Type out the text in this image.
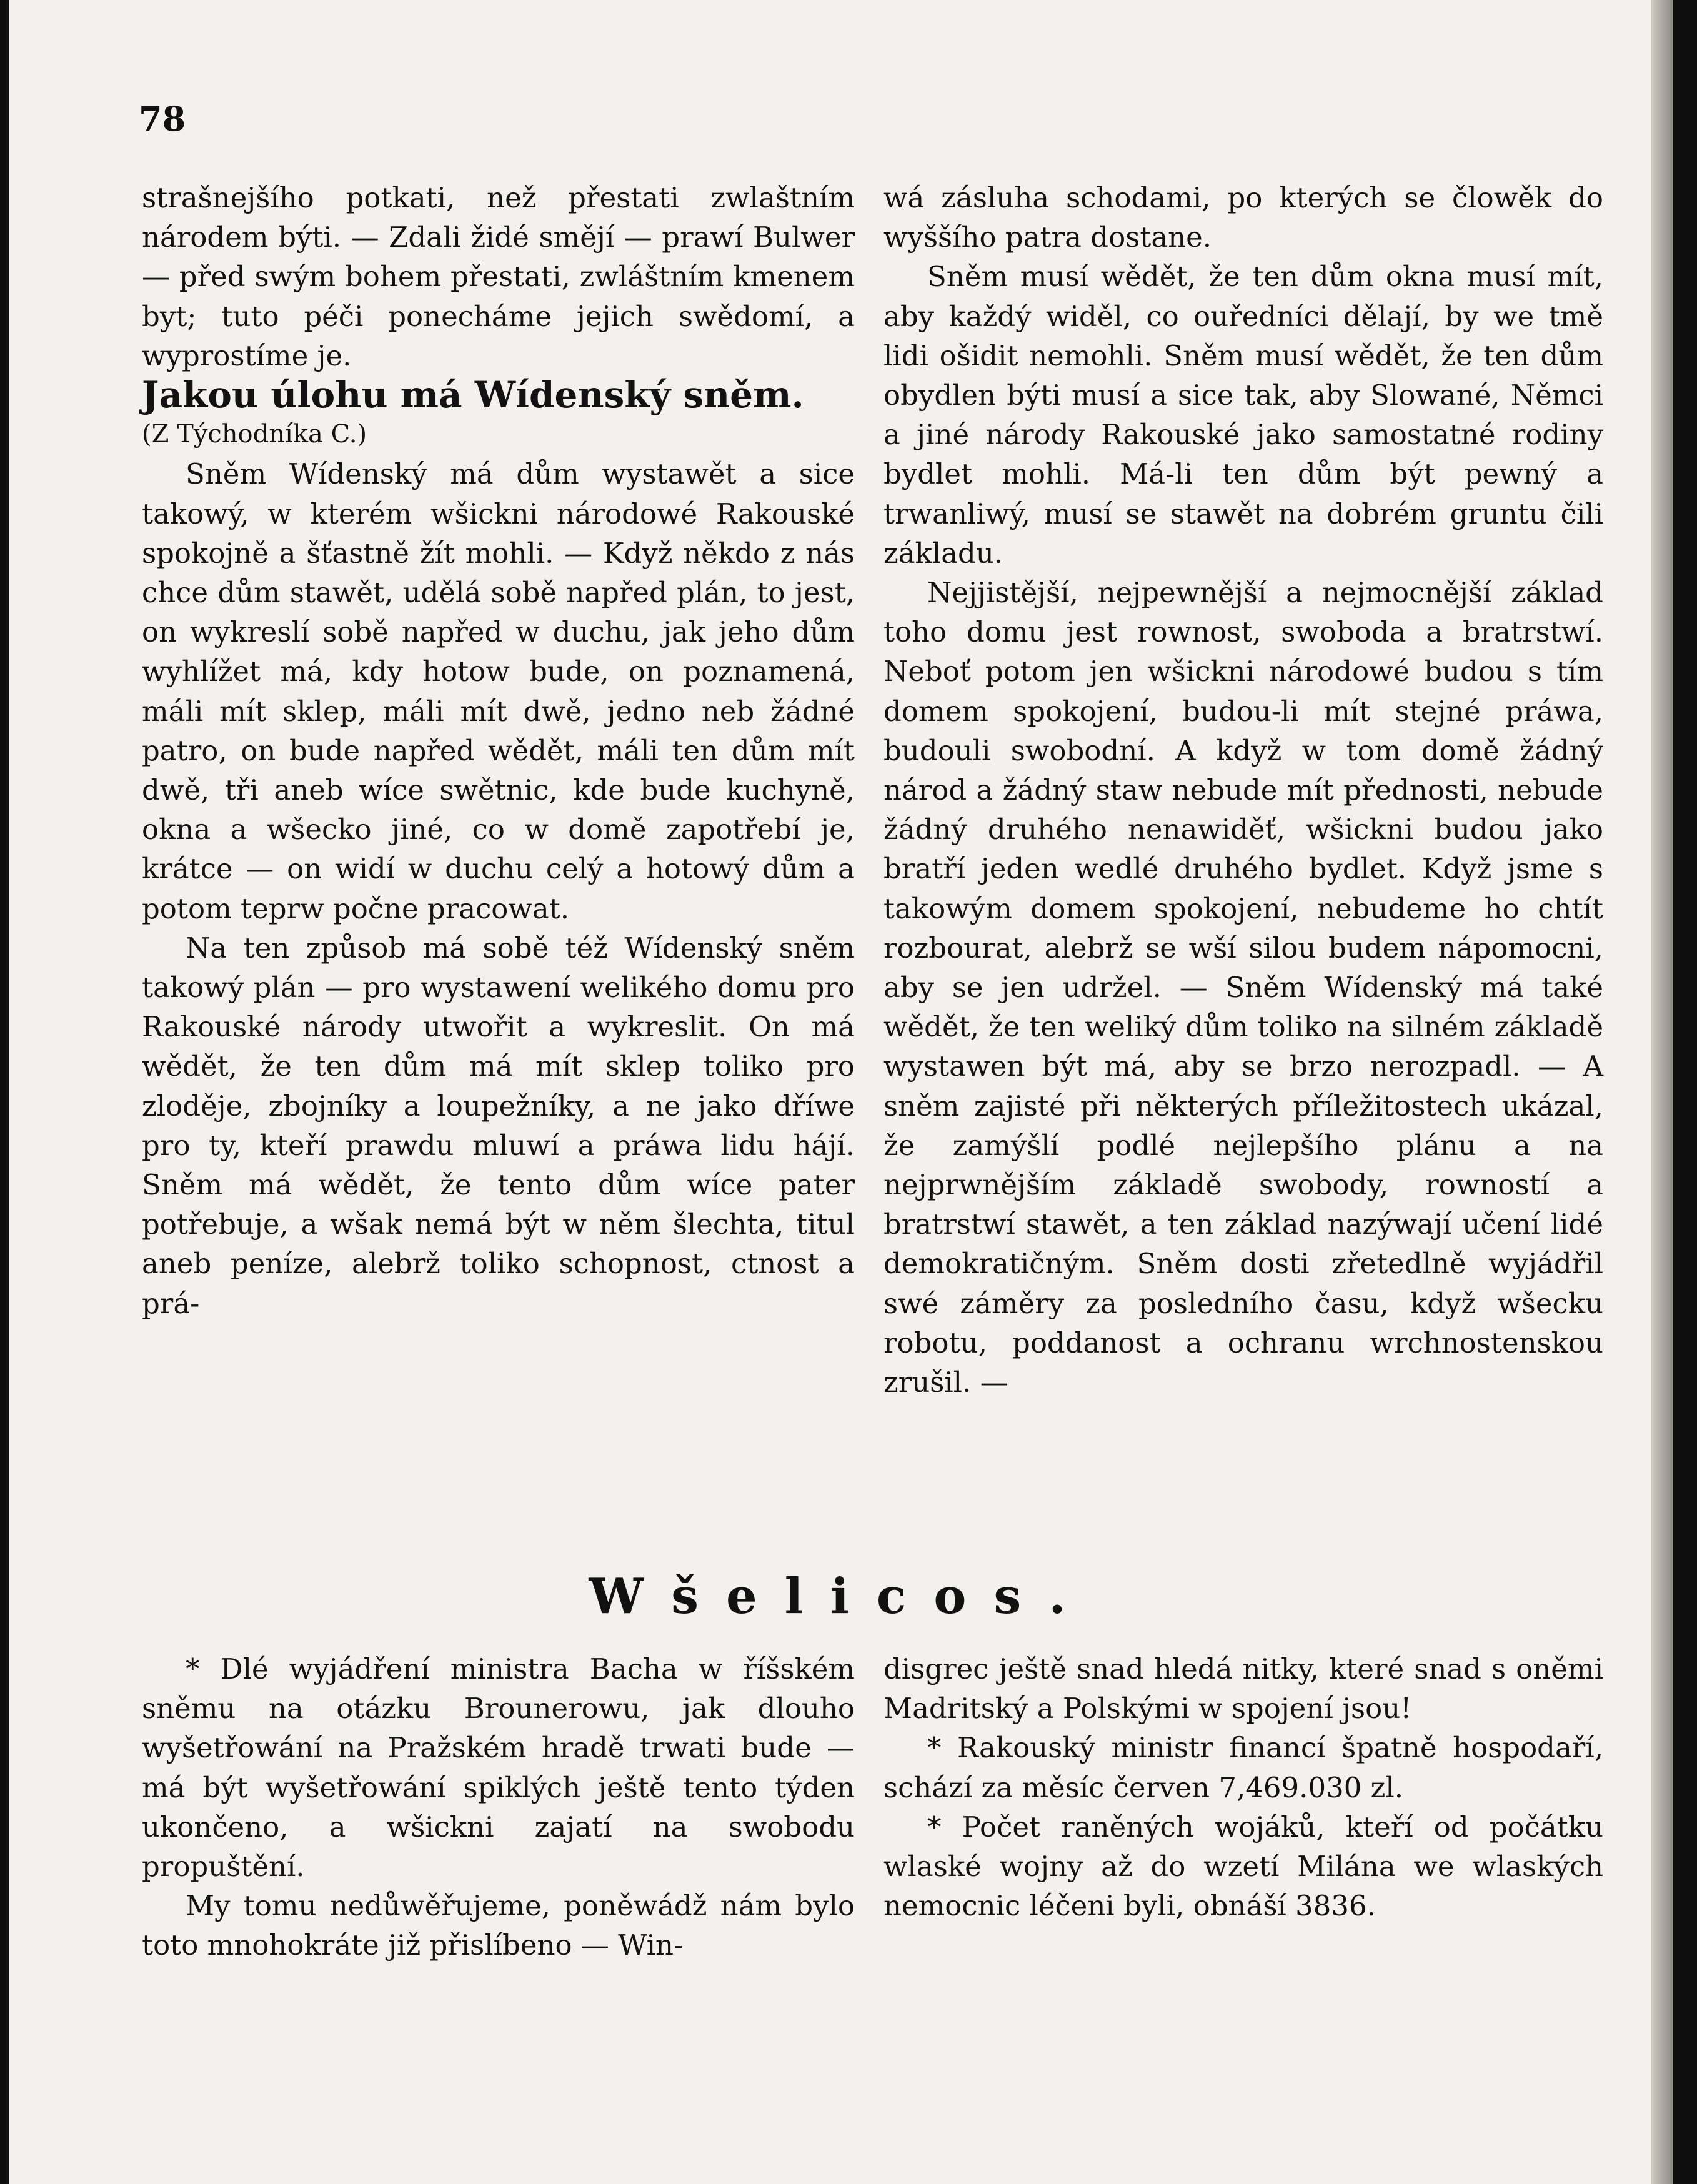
78

strašnejšího potkati, než přestati zwlaštním národem býti. — Zdali židé smějí — prawí Bulwer — před swým bohem přestati, zwláštním kmenem byt; tuto péči ponecháme jejich swědomí, a wyprostíme je.

Jakou úlohu má Wídenský sněm.

(Z Týchodníka C.)

Sněm Wídenský má dům wystawět a sice takowý, w kterém wšickni národowé Rakouské spokojně a šťastně žít mohli. — Když někdo z nás chce dům stawět, udělá sobě napřed plán, to jest, on wykreslí sobě napřed w duchu, jak jeho dům wyhlížet má, kdy hotow bude, on poznamená, máli mít sklep, máli mít dwě, jedno neb žádné patro, on bude napřed wědět, máli ten dům mít dwě, tři aneb wíce swětnic, kde bude kuchyně, okna a wšecko jiné, co w domě zapotřebí je, krátce — on widí w duchu celý a hotowý dům a potom teprw počne pracowat.

Na ten způsob má sobě též Wídenský sněm takowý plán — pro wystawení welikého domu pro Rakouské národy utwořit a wykreslit. On má wědět, že ten dům má mít sklep toliko pro zloděje, zbojníky a loupežníky, a ne jako dříwe pro ty, kteří prawdu mluwí a práwa lidu hájí. Sněm má wědět, že tento dům wíce pater potřebuje, a wšak nemá být w něm šlechta, titul aneb peníze, alebrž toliko schopnost, ctnost a prá-

wá zásluha schodami, po kterých se člowěk do wyššího patra dostane.

Sněm musí wědět, že ten dům okna musí mít, aby každý widěl, co ouředníci dělají, by we tmě lidi ošidit nemohli. Sněm musí wědět, že ten dům obydlen býti musí a sice tak, aby Slowané, Němci a jiné národy Rakouské jako samostatné rodiny bydlet mohli. Má-li ten dům být pewný a trwanliwý, musí se stawět na dobrém gruntu čili základu.

Nejjistější, nejpewnější a nejmocnější základ toho domu jest rownost, swoboda a bratrstwí. Neboť potom jen wšickni národowé budou s tím domem spokojení, budou-li mít stejné práwa, budouli swobodní. A když w tom domě žádný národ a žádný staw nebude mít přednosti, nebude žádný druhého nenawiděť, wšickni budou jako bratří jeden wedlé druhého bydlet. Když jsme s takowým domem spokojení, nebudeme ho chtít rozbourat, alebrž se wší silou budem nápomocni, aby se jen udržel. — Sněm Wídenský má také wědět, že ten weliký dům toliko na silném základě wystawen být má, aby se brzo nerozpadl. — A sněm zajisté při některých příležitostech ukázal, že zamýšlí podlé nejlepšího plánu a na nejprwnějším základě swobody, rowností a bratrstwí stawět, a ten základ nazýwají učení lidé demokratičným. Sněm dosti zřetedlně wyjádřil swé záměry za posledního času, když wšecku robotu, poddanost a ochranu wrchnostenskou zrušil. —

Wšelicos.

* Dlé wyjádření ministra Bacha w říšském sněmu na otázku Brounerowu, jak dlouho wyšetřowání na Pražském hradě trwati bude — má být wyšetřowání spiklých ještě tento týden ukončeno, a wšickni zajatí na swobodu propuštění.

My tomu nedůwěřujeme, poněwádž nám bylo toto mnohokráte již přislíbeno — Win-

disgrec ještě snad hledá nitky, které snad s oněmi Madritský a Polskými w spojení jsou!

* Rakouský ministr financí špatně hospodaří, schází za měsíc červen 7,469.030 zl.

* Počet raněných wojáků, kteří od počátku wlaské wojny až do wzetí Milána we wlaských nemocnic léčeni byli, obnáší 3836.
